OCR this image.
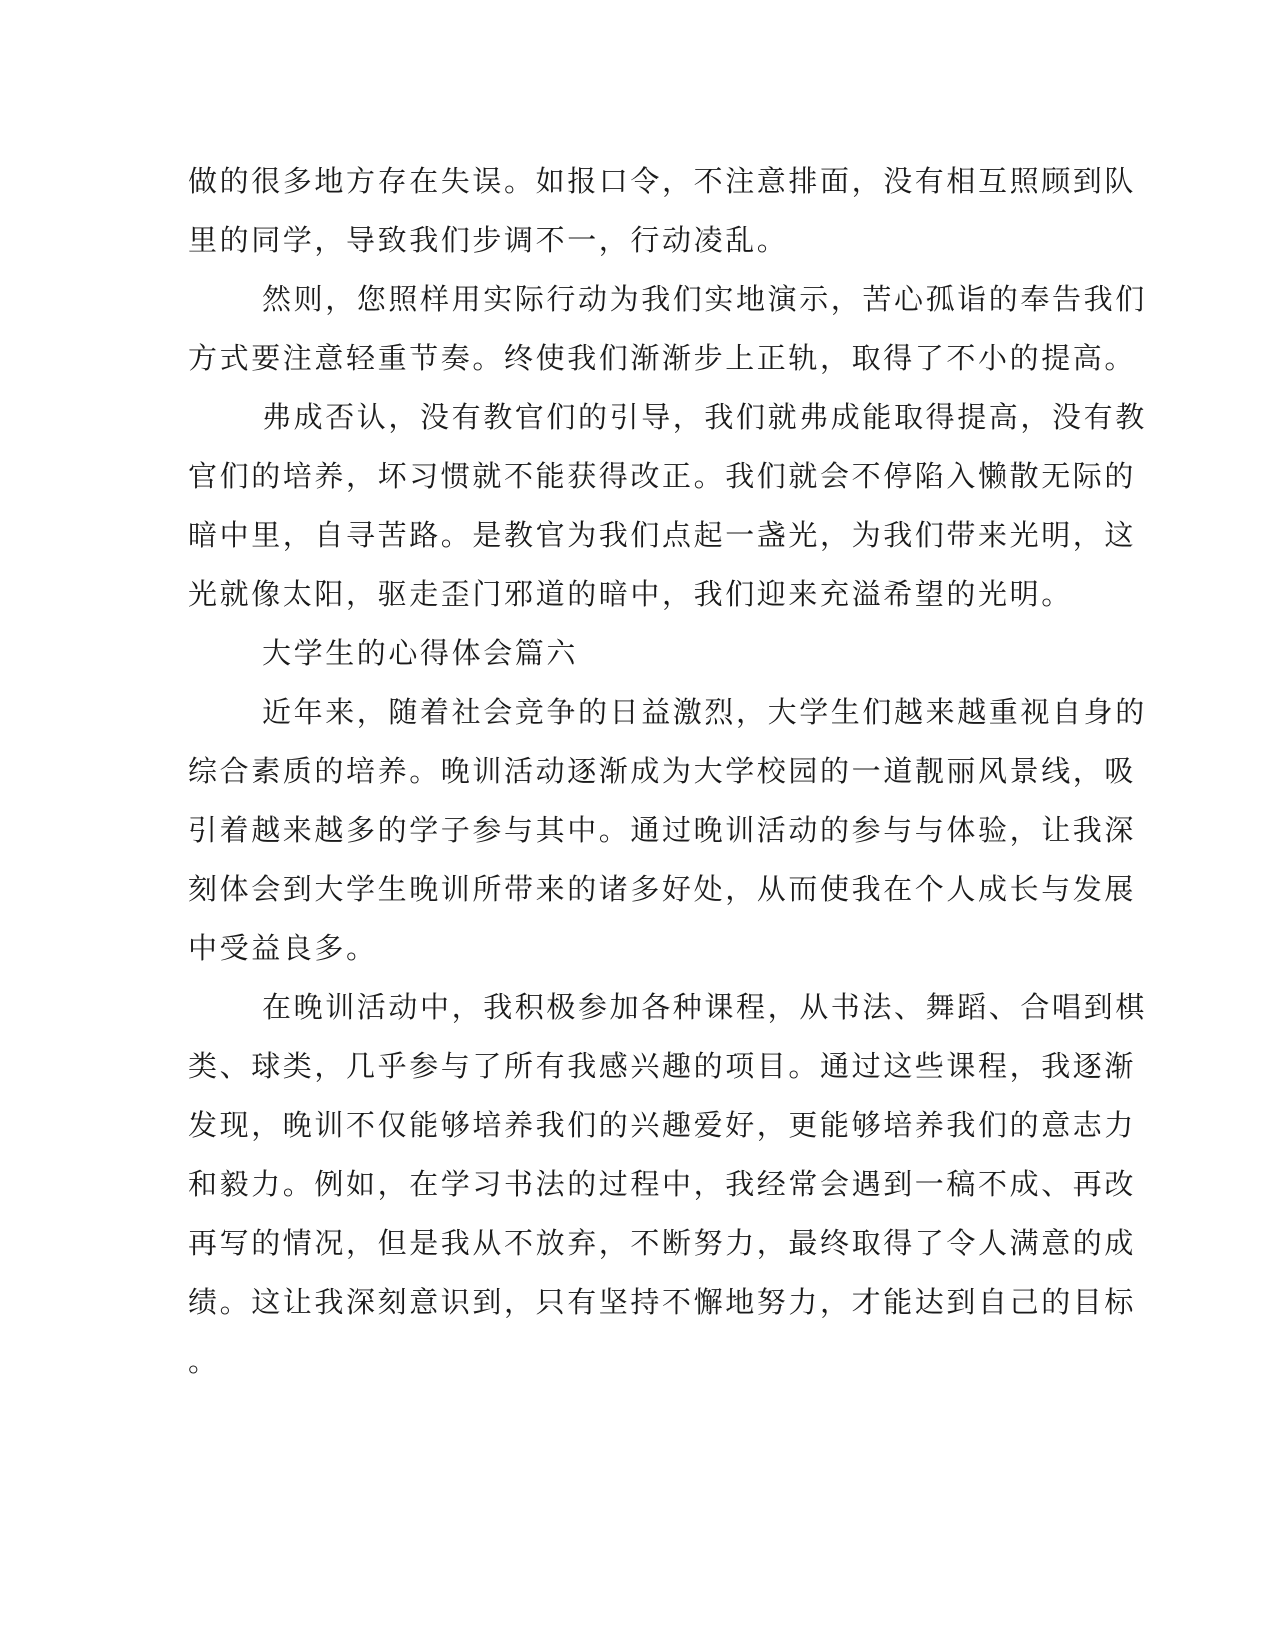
做的很多地方存在失误。如报口令，不注意排面，没有相互照顾到队
里的同学，导致我们步调不一，行动凌乱。
然则，您照样用实际行动为我们实地演示，苦心孤诣的奉告我们
方式要注意轻重节奏。终使我们渐渐步上正轨，取得了不小的提高。
弗成否认，没有教官们的引导，我们就弗成能取得提高，没有教
官们的培养，坏习惯就不能获得改正。我们就会不停陷入懒散无际的
暗中里，自寻苦路。是教官为我们点起一盏光，为我们带来光明，这
光就像太阳，驱走歪门邪道的暗中，我们迎来充溢希望的光明。
大学生的心得体会篇六
近年来，随着社会竞争的日益激烈，大学生们越来越重视自身的
综合素质的培养。晚训活动逐渐成为大学校园的一道靓丽风景线，吸
引着越来越多的学子参与其中。通过晚训活动的参与与体验，让我深
刻体会到大学生晚训所带来的诸多好处，从而使我在个人成长与发展
中受益良多。
在晚训活动中，我积极参加各种课程，从书法、舞蹈、合唱到棋
类、球类，几乎参与了所有我感兴趣的项目。通过这些课程，我逐渐
发现，晚训不仅能够培养我们的兴趣爱好，更能够培养我们的意志力
和毅力。例如，在学习书法的过程中，我经常会遇到一稿不成、再改
再写的情况，但是我从不放弃，不断努力，最终取得了令人满意的成
绩。这让我深刻意识到，只有坚持不懈地努力，才能达到自己的目标
。
